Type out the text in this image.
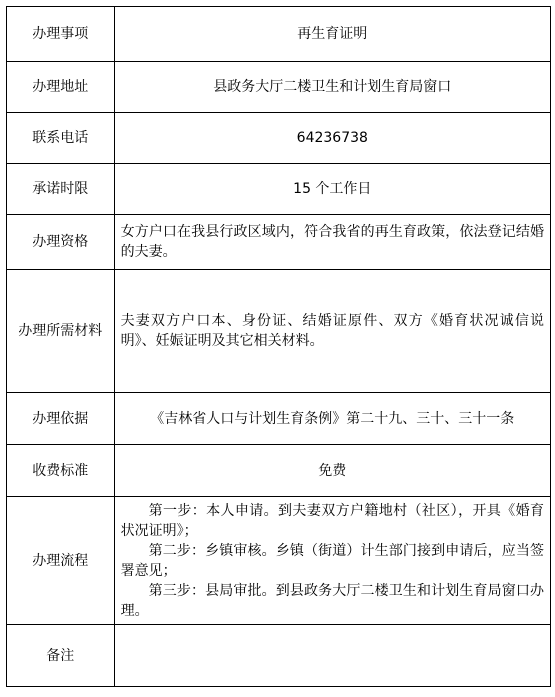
办理事项	再生育证明
办理地址	县政务大厅二楼卫生和计划生育局窗口
联系电话	64236738
承诺时限	15 个工作日
办理资格	女方户口在我县行政区域内，符合我省的再生育政策，依法登记结婚的夫妻。
办理所需材料	夫妻双方户口本、身份证、结婚证原件、双方《婚育状况诚信说明》、妊娠证明及其它相关材料。
办理依据	《吉林省人口与计划生育条例》第二十九、三十、三十一条
收费标准	免费
办理流程	第一步：本人申请。到夫妻双方户籍地村（社区），开具《婚育状况证明》；

第二步：乡镇审核。乡镇（街道）计生部门接到申请后，应当签署意见；

第三步：县局审批。到县政务大厅二楼卫生和计划生育局窗口办理。

备注	
